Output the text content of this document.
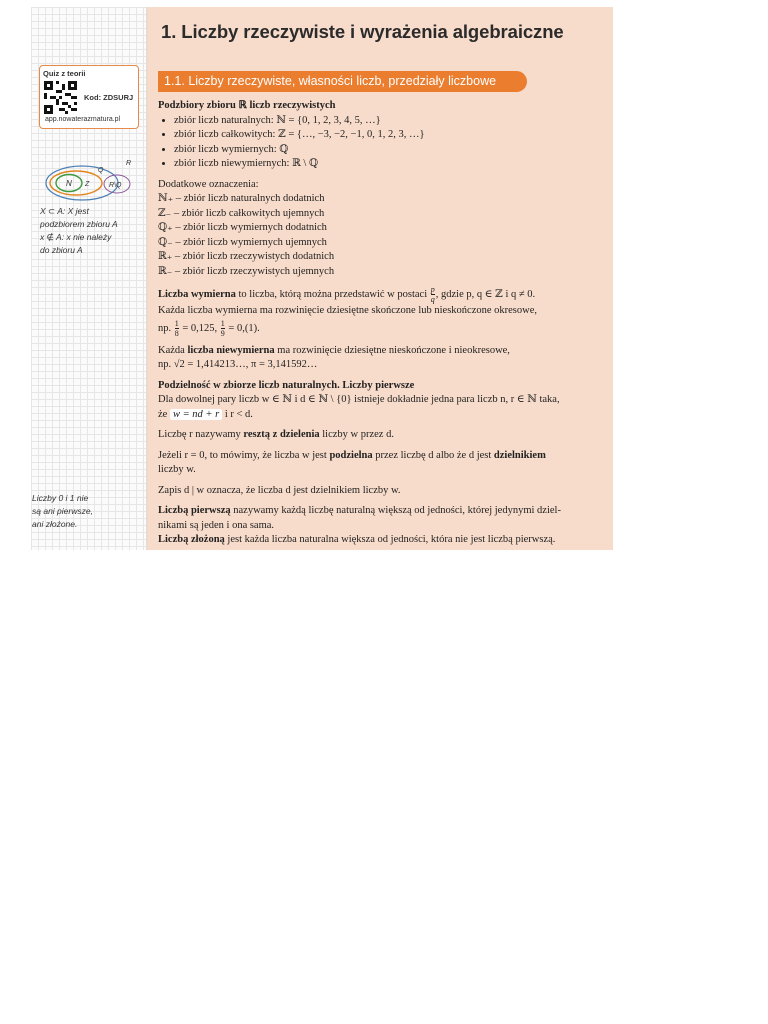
Quiz z teorii
Kod: ZDSURJ
app.nowaterazmatura.pl
N Z
Q
R
R\Q

X ⊂ A: X jest

podzbiorem zbioru A

x ∉ A: x nie należy

do zbioru A

Liczby 0 i 1 nie

są ani pierwsze,

ani złożone.

1. Liczby rzeczywiste i wyrażenia algebraiczne
1.1. Liczby rzeczywiste, własności liczb, przedziały liczbowe

Podzbiory zbioru ℝ liczb rzeczywistych

• zbiór liczb naturalnych: ℕ = {0, 1, 2, 3, 4, 5, …}
• zbiór liczb całkowitych: ℤ = {…, −3, −2, −1, 0, 1, 2, 3, …}
• zbiór liczb wymiernych: ℚ
• zbiór liczb niewymiernych: ℝ \ ℚ

Dodatkowe oznaczenia:

ℕ₊ – zbiór liczb naturalnych dodatnich

ℤ₋ – zbiór liczb całkowitych ujemnych

ℚ₊ – zbiór liczb wymiernych dodatnich

ℚ₋ – zbiór liczb wymiernych ujemnych

ℝ₊ – zbiór liczb rzeczywistych dodatnich

ℝ₋ – zbiór liczb rzeczywistych ujemnych

Liczba wymierna to liczba, którą można przedstawić w postaci $\frac{p}{q}$ , gdzie p, q ∈ ℤ i q ≠ 0.

Każda liczba wymierna ma rozwinięcie dziesiętne skończone lub nieskończone okresowe,

np. $\frac{1}{8} = 0,125$, $\frac{1}{9} = 0,(1)$.

Każda liczba niewymierna ma rozwinięcie dziesiętne nieskończone i nieokresowe,

np. √2 = 1,414213…, π = 3,141592…

Podzielność w zbiorze liczb naturalnych. Liczby pierwsze

Dla dowolnej pary liczb w ∈ ℕ i d ∈ ℕ \ {0} istnieje dokładnie jedna para liczb n, r ∈ ℕ taka,

że w = nd + r i r < d.

Liczbę r nazywamy resztą z dzielenia liczby w przez d.

Jeżeli r = 0, to mówimy, że liczba w jest podzielna przez liczbę d albo że d jest dzielnikiem

liczby w.

Zapis d | w oznacza, że liczba d jest dzielnikiem liczby w.

Liczbą pierwszą nazywamy każdą liczbę naturalną większą od jedności, której jedynymi dziel-

nikami są jeden i ona sama.

Liczbą złożoną jest każda liczba naturalna większa od jedności, która nie jest liczbą pierwszą.
